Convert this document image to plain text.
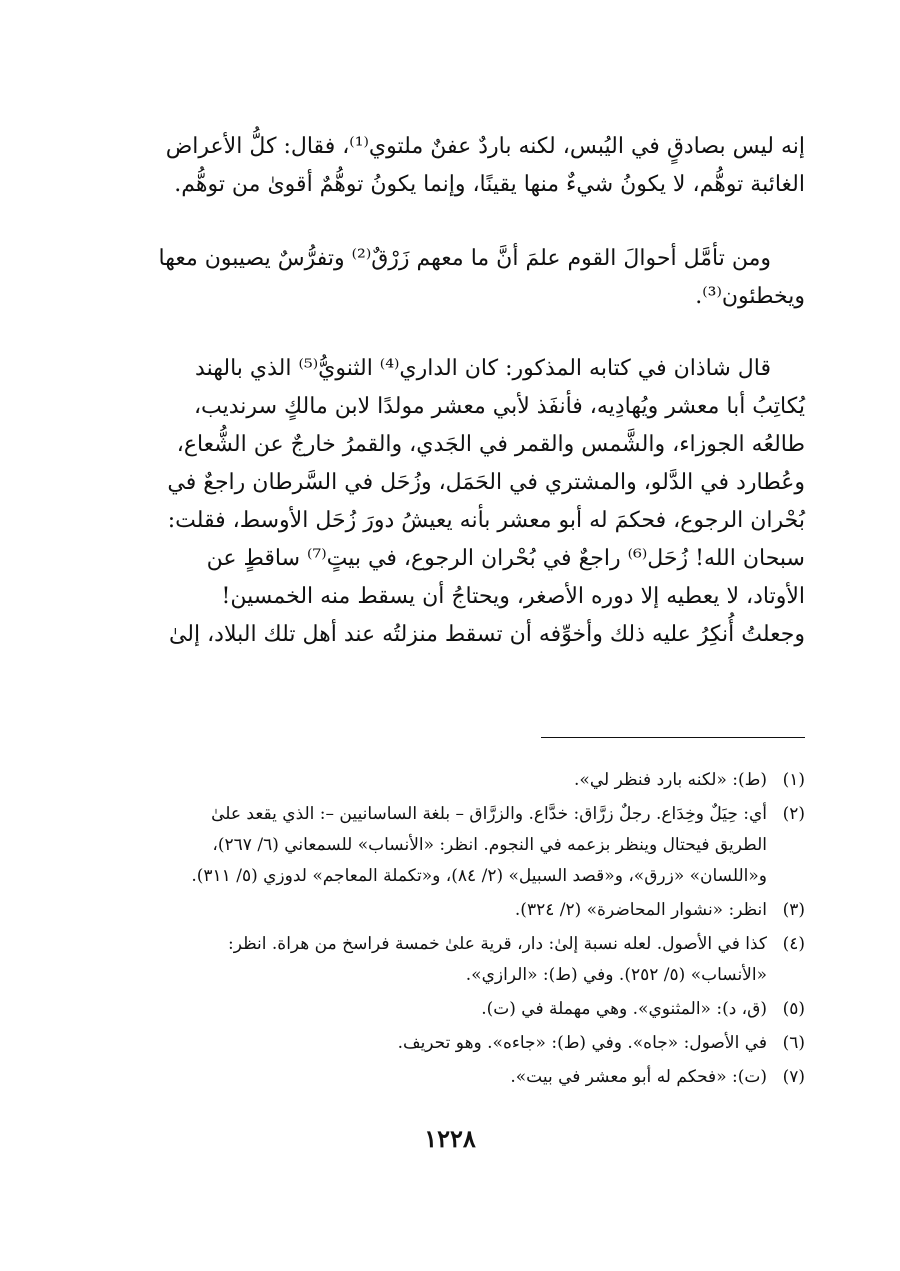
إنه ليس بصادقٍ في اليُبس، لكنه باردٌ عفنٌ ملتوي⁽¹⁾، فقال: كلُّ الأعراض
الغائبة توهُّم، لا يكونُ شيءٌ منها يقينًا، وإنما يكونُ توهُّمٌ أقوىٰ من توهُّم.

ومن تأمَّل أحوالَ القوم علمَ أنَّ ما معهم زَرْقٌ⁽²⁾ وتفرُّسٌ يصيبون معها
ويخطئون⁽³⁾.

قال شاذان في كتابه المذكور: كان الداري⁽⁴⁾ الثنويُّ⁽⁵⁾ الذي بالهند
يُكاتِبُ أبا معشر ويُهادِيه، فأنفَذ لأبي معشر مولدًا لابن مالكٍ سرنديب،
طالعُه الجوزاء، والشَّمس والقمر في الجَدي، والقمرُ خارجٌ عن الشُّعاع،
وعُطارد في الدَّلو، والمشتري في الحَمَل، وزُحَل في السَّرطان راجعٌ في
بُحْران الرجوع، فحكمَ له أبو معشر بأنه يعيشُ دورَ زُحَل الأوسط، فقلت:
سبحان الله! زُحَل⁽⁶⁾ راجعٌ في بُحْران الرجوع، في بيتٍ⁽⁷⁾ ساقطٍ عن
الأوتاد، لا يعطيه إلا دوره الأصغر، ويحتاجُ أن يسقط منه الخمسين!
وجعلتُ أُنكِرُ عليه ذلك وأخوِّفه أن تسقط منزلتُه عند أهل تلك البلاد، إلىٰ

(١)
(ط): «لكنه بارد فنظر لي».
(٢)
أي: حِيَلٌ وخِدَاع. رجلٌ زرَّاق: خدَّاع. والزرَّاق – بلغة الساسانيين –: الذي يقعد علىٰ
الطريق فيحتال وينظر بزعمه في النجوم. انظر: «الأنساب» للسمعاني (٦/ ٢٦٧)،
و«اللسان» «زرق»، و«قصد السبيل» (٢/ ٨٤)، و«تكملة المعاجم» لدوزي (٥/ ٣١١).
(٣)
انظر: «نشوار المحاضرة» (٢/ ٣٢٤).
(٤)
كذا في الأصول. لعله نسبة إلىٰ: دار، قرية علىٰ خمسة فراسخ من هراة. انظر:
«الأنساب» (٥/ ٢٥٢). وفي (ط): «الرازي».
(٥)
(ق، د): «المثنوي». وهي مهملة في (ت).
(٦)
في الأصول: «جاه». وفي (ط): «جاءه». وهو تحريف.
(٧)
(ت): «فحكم له أبو معشر في بيت».
١٢٢٨
